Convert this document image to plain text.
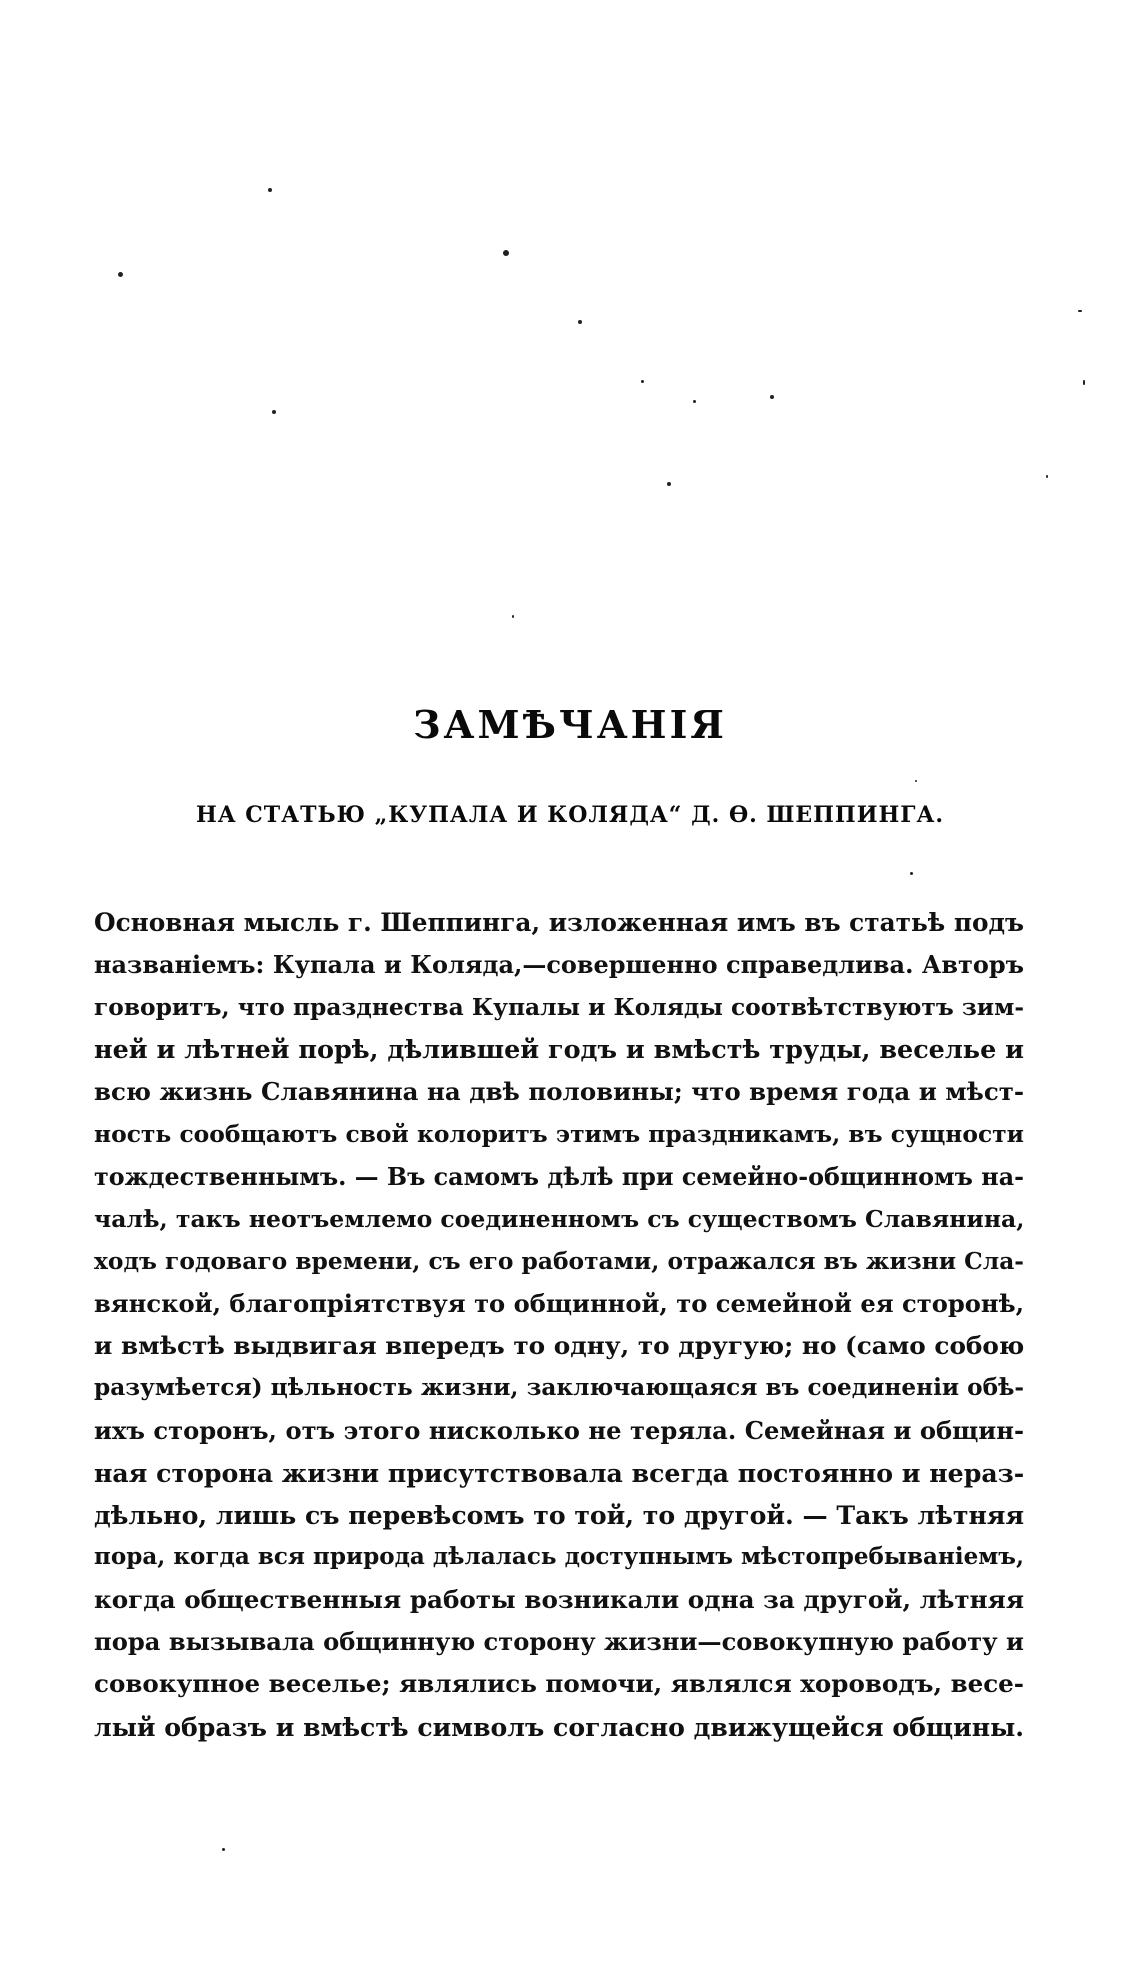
ЗАМѢЧАНІЯ
НА СТАТЬЮ „КУПАЛА И КОЛЯДА“ Д. Ѳ. ШЕППИНГА.
Основная мысль г. Шеппинга, изложенная имъ въ статьѣ подъ
названіемъ: Купала и Коляда,—совершенно справедлива. Авторъ
говоритъ, что празднества Купалы и Коляды соотвѣтствуютъ зим-
ней и лѣтней порѣ, дѣлившей годъ и вмѣстѣ труды, веселье и
всю жизнь Славянина на двѣ половины; что время года и мѣст-
ность сообщаютъ свой колоритъ этимъ праздникамъ, въ сущности
тождественнымъ. — Въ самомъ дѣлѣ при семейно-общинномъ на-
чалѣ, такъ неотъемлемо соединенномъ съ существомъ Славянина,
ходъ годоваго времени, съ его работами, отражался въ жизни Сла-
вянской, благопріятствуя то общинной, то семейной ея сторонѣ,
и вмѣстѣ выдвигая впередъ то одну, то другую; но (само собою
разумѣется) цѣльность жизни, заключающаяся въ соединеніи обѣ-
ихъ сторонъ, отъ этого нисколько не теряла. Семейная и общин-
ная сторона жизни присутствовала всегда постоянно и нераз-
дѣльно, лишь съ перевѣсомъ то той, то другой. — Такъ лѣтняя
пора, когда вся природа дѣлалась доступнымъ мѣстопребываніемъ,
когда общественныя работы возникали одна за другой, лѣтняя
пора вызывала общинную сторону жизни—совокупную работу и
совокупное веселье; являлись помочи, являлся хороводъ, весе-
лый образъ и вмѣстѣ символъ согласно движущейся общины.
